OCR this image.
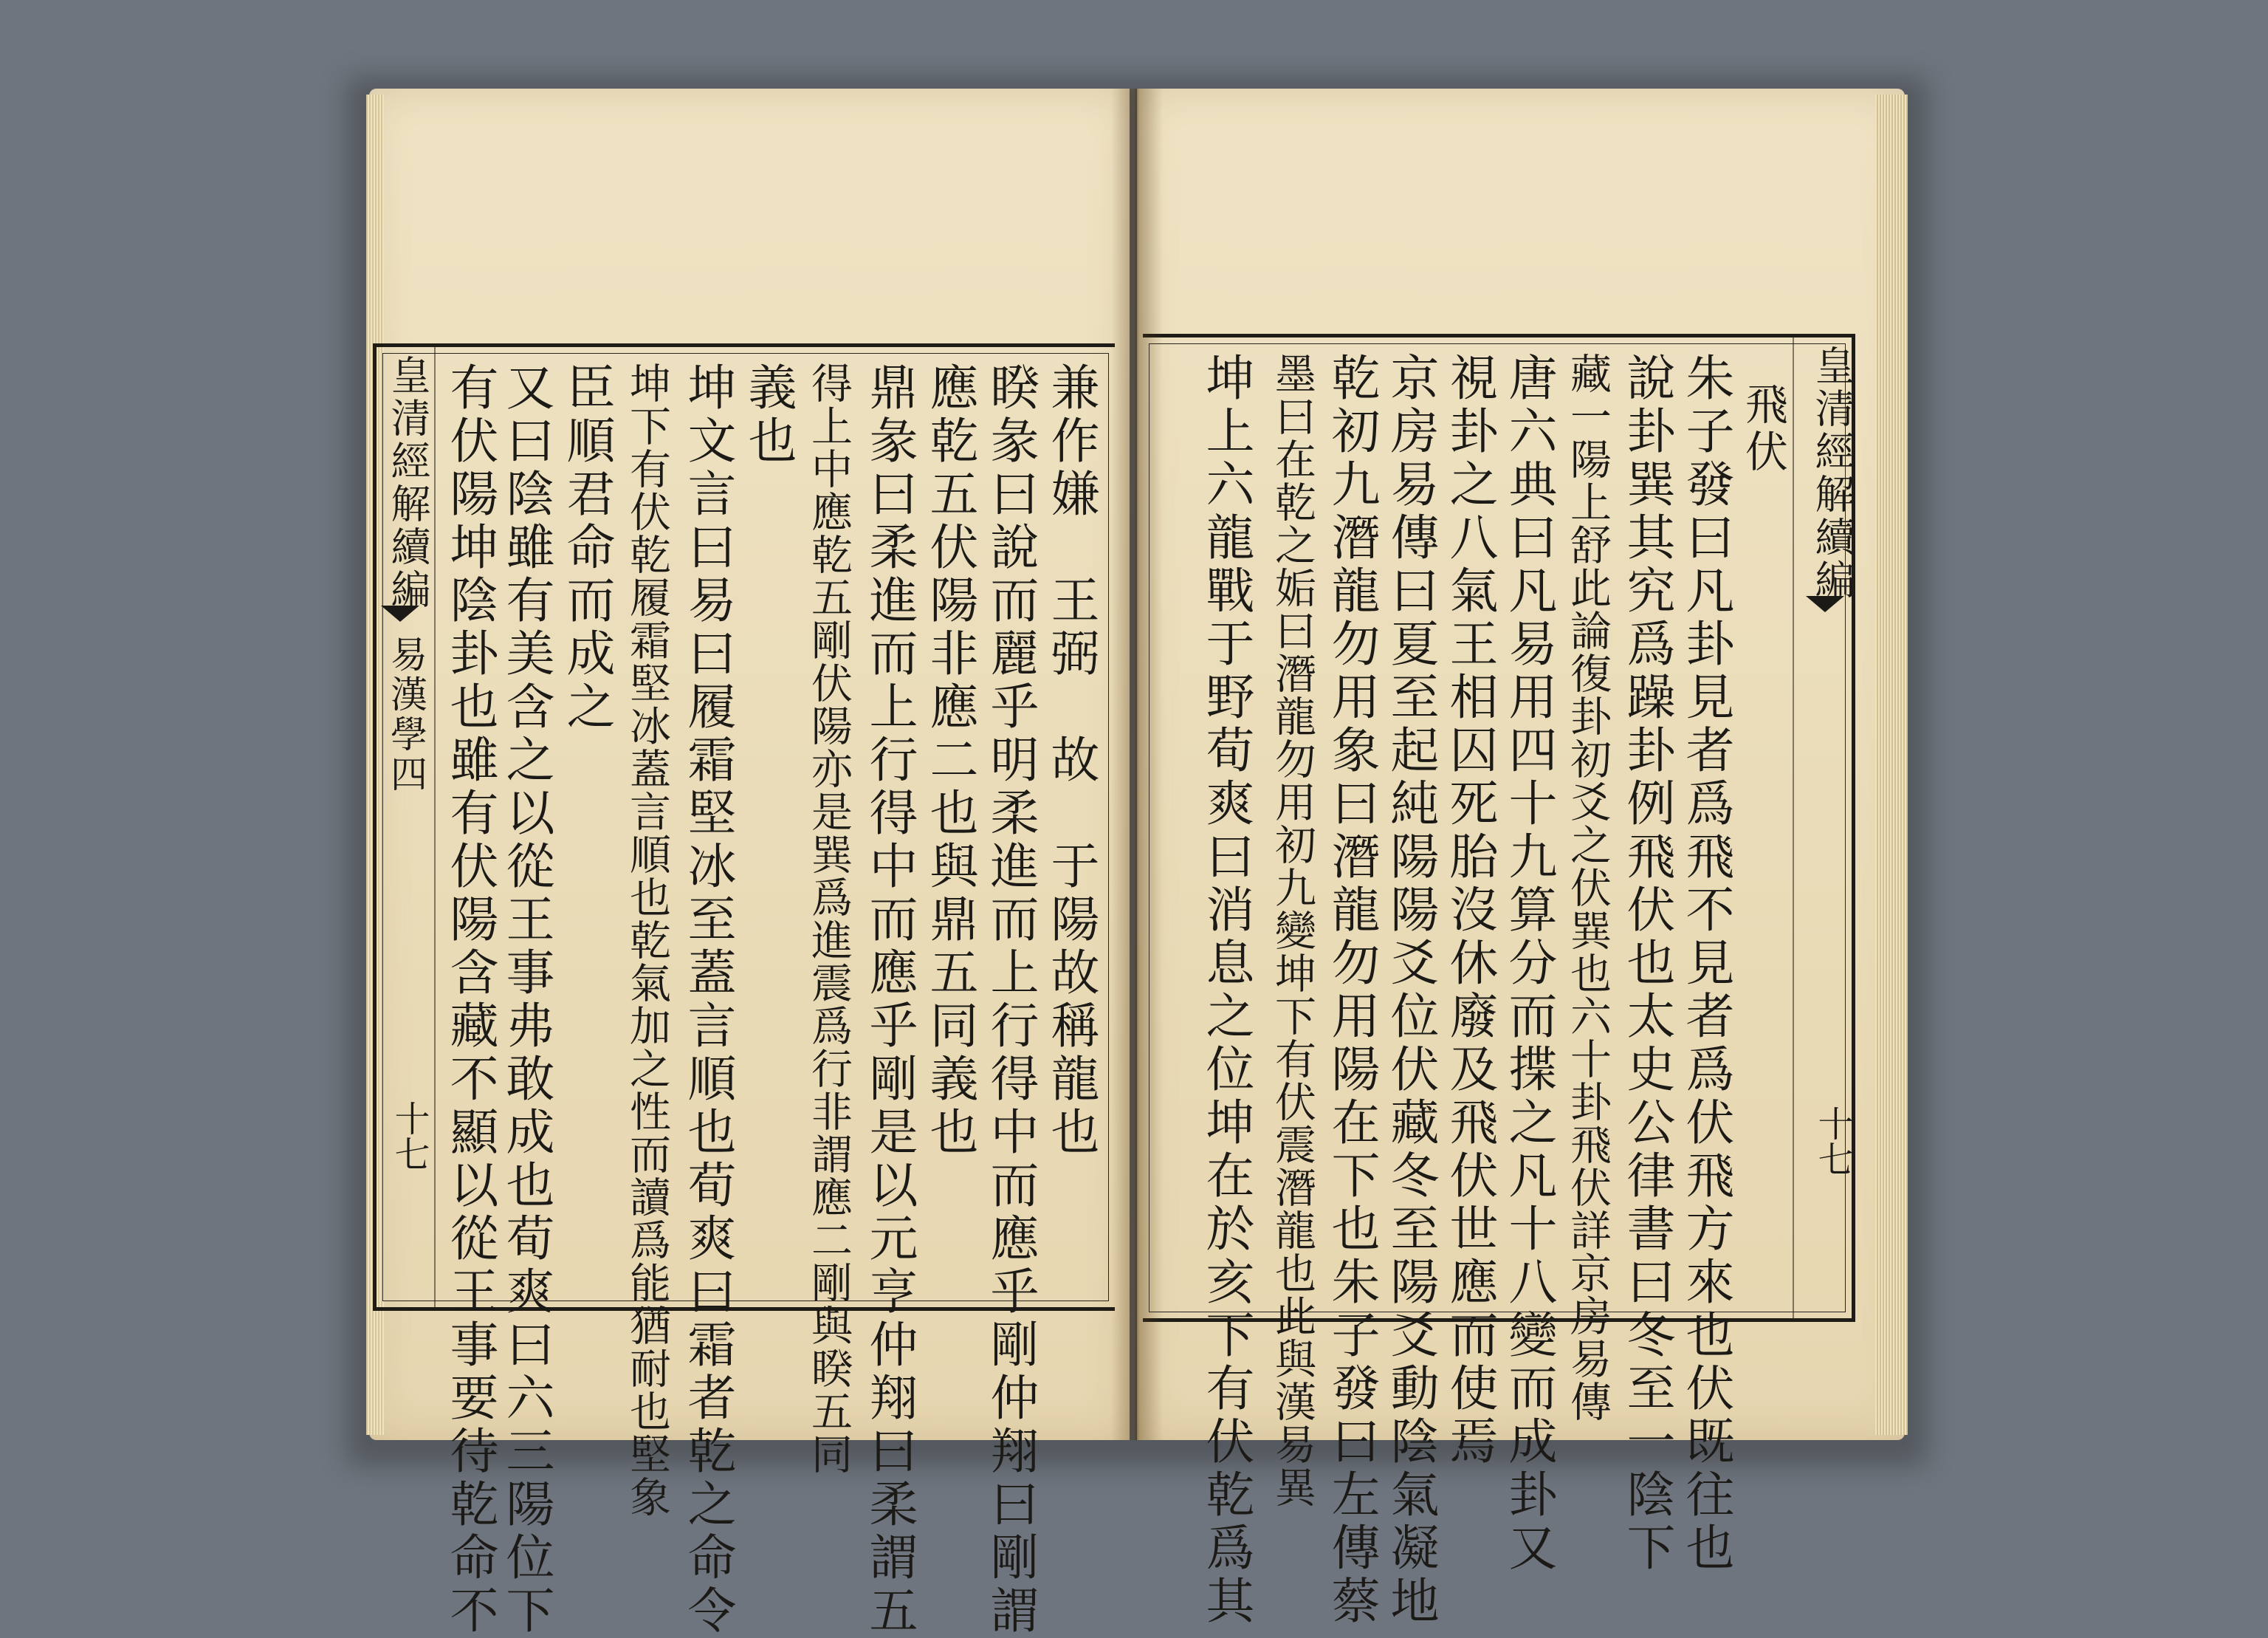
皇清經解續編
易漢學四
十七	兼作嫌　王弼　故　于陽故稱龍也
睽彖曰說而麗乎明柔進而上行得中而應乎剛仲翔曰剛謂
應乾五伏陽非應二也與鼎五同義也
鼎彖曰柔進而上行得中而應乎剛是以元亨仲翔曰柔謂五
得上中應乾五剛伏陽亦是巽爲進震爲行非謂應二剛與睽五同
義也
坤文言曰易曰履霜堅冰至蓋言順也荀爽曰霜者乾之命令
坤下有伏乾履霜堅冰蓋言順也乾氣加之性而讀爲能猶耐也堅象
臣順君命而成之
又曰陰雖有美含之以從王事弗敢成也荀爽曰六三陽位下
有伏陽坤陰卦也雖有伏陽含藏不顯以從王事要待乾命不	皇清經解續編
十七
飛伏
朱子發曰凡卦見者爲飛不見者爲伏飛方來也伏既往也
說卦巽其究爲躁卦例飛伏也太史公律書曰冬至一陰下
藏一陽上舒此論復卦初爻之伏巽也六十卦飛伏詳京房易傳
唐六典曰凡易用四十九算分而揲之凡十八變而成卦又
視卦之八氣王相囚死胎沒休廢及飛伏世應而使焉
京房易傳曰夏至起純陽陽爻位伏藏冬至陽爻動陰氣凝地
乾初九潛龍勿用象曰潛龍勿用陽在下也朱子發曰左傳蔡
墨曰在乾之姤曰潛龍勿用初九變坤下有伏震潛龍也此與漢易異
坤上六龍戰于野荀爽曰消息之位坤在於亥下有伏乾爲其
